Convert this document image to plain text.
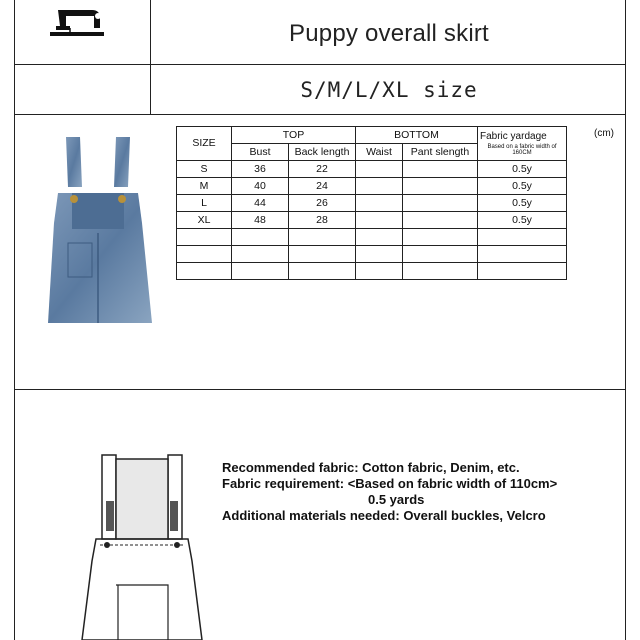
Puppy overall skirt
S/M/L/XL size
SIZE	TOP		BOTTOM		Fabric yardage
Based on a fabric width of 160CM

	Bust	Back length	Waist	Pant slength	
S	36	22			0.5y
M	40	24			0.5y
L	44	26			0.5y
XL	48	28			0.5y

(cm)
Recommended fabric: Cotton fabric, Denim, etc.
Fabric requirement: <Based on fabric width of 110cm>
0.5 yards
Additional materials needed: Overall buckles, Velcro
